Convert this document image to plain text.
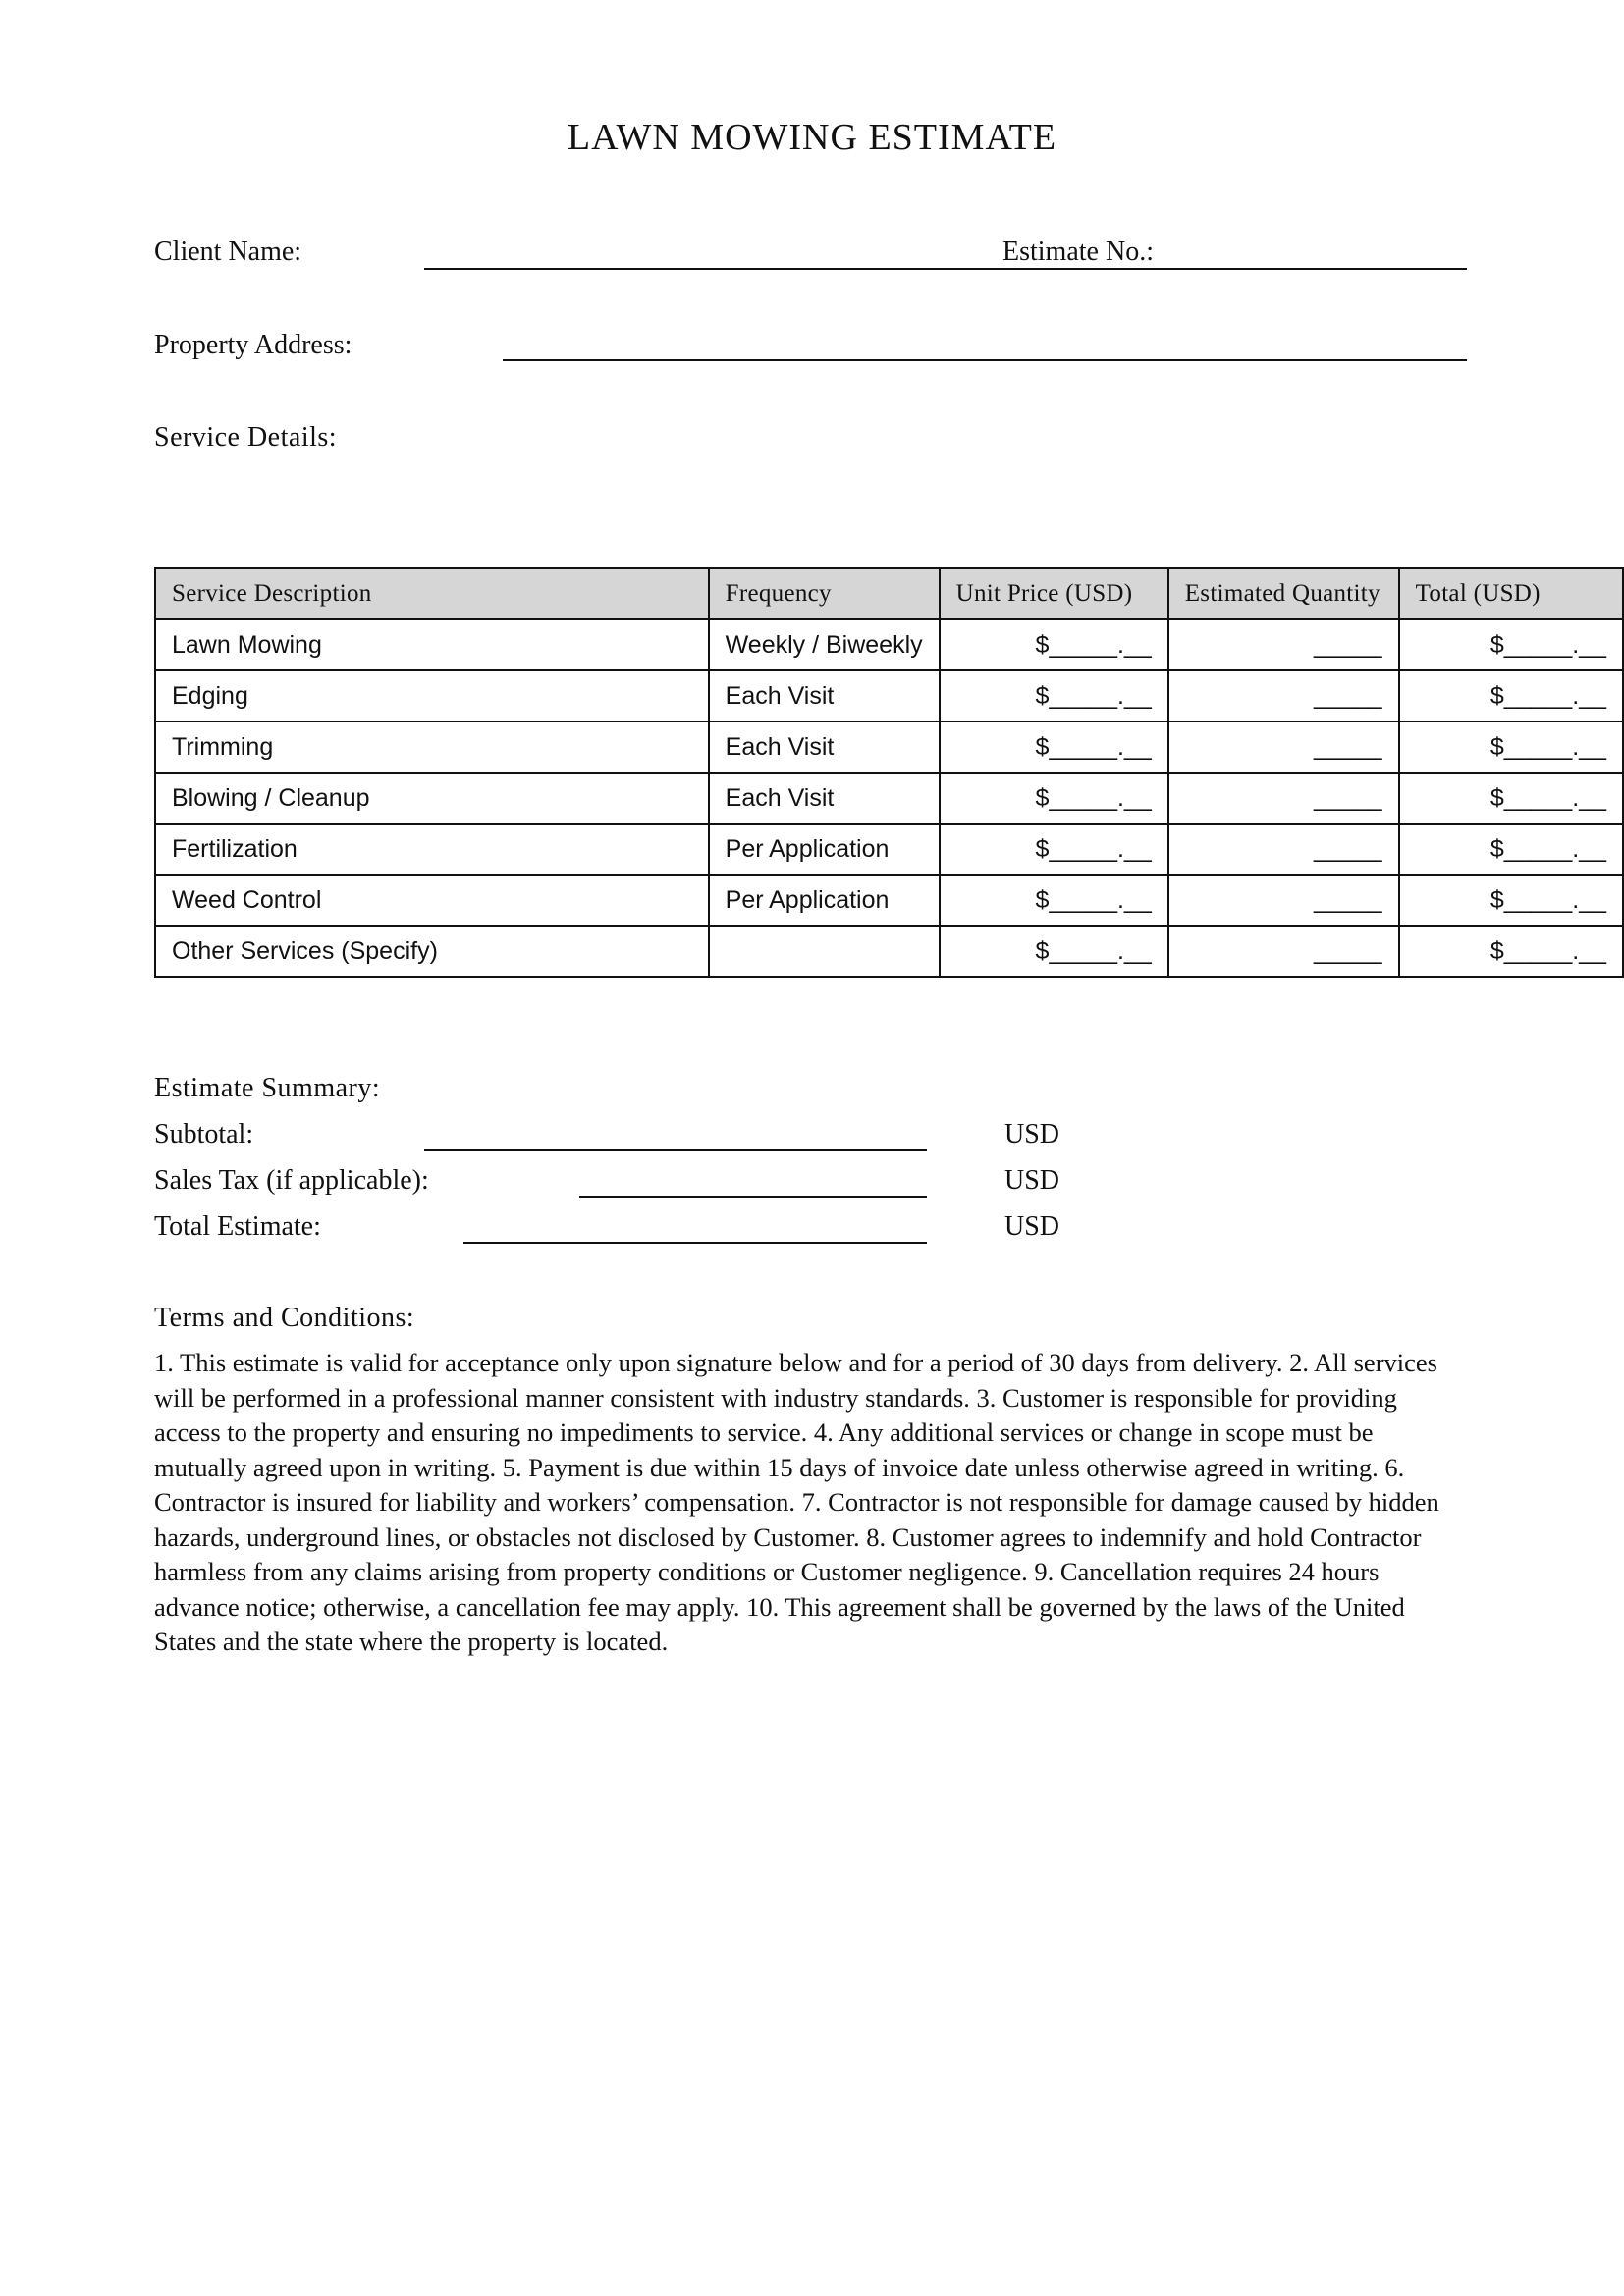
LAWN MOWING ESTIMATE
Client Name:	Estimate No.:
Property Address:
Service Details:
Service Description	Frequency	Unit Price (USD)	Estimated Quantity	Total (USD)
Lawn Mowing	Weekly / Biweekly	$_____.__	_____	$_____.__
Edging	Each Visit	$_____.__	_____	$_____.__
Trimming	Each Visit	$_____.__	_____	$_____.__
Blowing / Cleanup	Each Visit	$_____.__	_____	$_____.__
Fertilization	Per Application	$_____.__	_____	$_____.__
Weed Control	Per Application	$_____.__	_____	$_____.__
Other Services (Specify)		$_____.__	_____	$_____.__
Estimate Summary:
Subtotal:	USD
Sales Tax (if applicable):	USD
Total Estimate:	USD
Terms and Conditions:
1. This estimate is valid for acceptance only upon signature below and for a period of 30 days from delivery. 2. All services will be performed in a professional manner consistent with industry standards. 3. Customer is responsible for providing access to the property and ensuring no impediments to service. 4. Any additional services or change in scope must be mutually agreed upon in writing. 5. Payment is due within 15 days of invoice date unless otherwise agreed in writing. 6. Contractor is insured for liability and workers’ compensation. 7. Contractor is not responsible for damage caused by hidden hazards, underground lines, or obstacles not disclosed by Customer. 8. Customer agrees to indemnify and hold Contractor harmless from any claims arising from property conditions or Customer negligence. 9. Cancellation requires 24 hours advance notice; otherwise, a cancellation fee may apply. 10. This agreement shall be governed by the laws of the United States and the state where the property is located.
